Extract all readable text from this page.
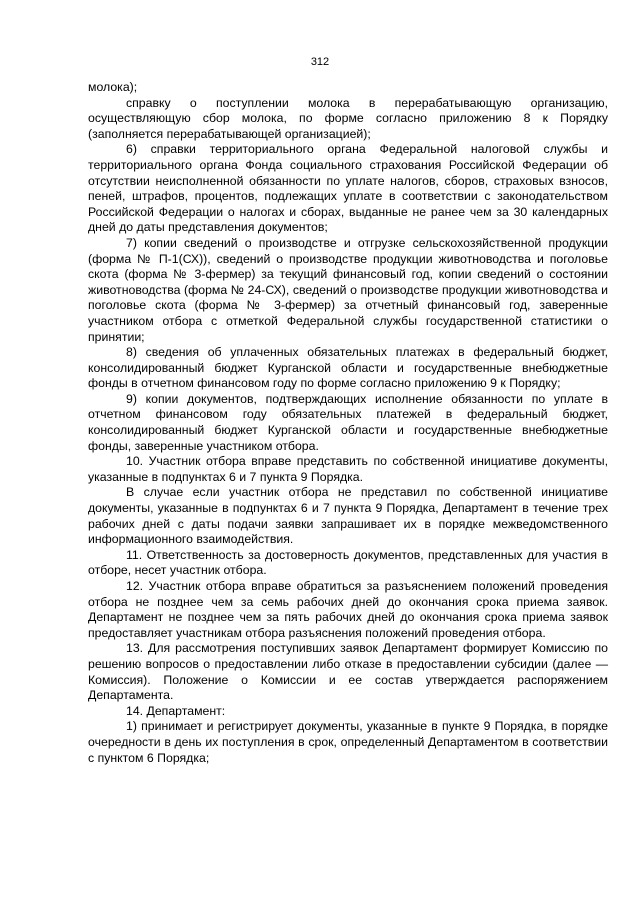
312

молока);

справку о поступлении молока в перерабатывающую организацию, осуществляющую сбор молока, по форме согласно приложению 8 к Порядку (заполняется перерабатывающей организацией);

6) справки территориального органа Федеральной налоговой службы и территориального органа Фонда социального страхования Российской Федерации об отсутствии неисполненной обязанности по уплате налогов, сборов, страховых взносов, пеней, штрафов, процентов, подлежащих уплате в соответствии с законодательством Российской Федерации о налогах и сборах, выданные не ранее чем за 30 календарных дней до даты представления документов;

7) копии сведений о производстве и отгрузке сельскохозяйственной продукции (форма № П-1(СХ)), сведений о производстве продукции животноводства и поголовье скота (форма № 3-фермер) за текущий финансовый год, копии сведений о состоянии животноводства (форма № 24-СХ), сведений о производстве продукции животноводства и поголовье скота (форма № 3-фермер) за отчетный финансовый год, заверенные участником отбора с отметкой Федеральной службы государственной статистики о принятии;

8) сведения об уплаченных обязательных платежах в федеральный бюджет, консолидированный бюджет Курганской области и государственные внебюджетные фонды в отчетном финансовом году по форме согласно приложению 9 к Порядку;

9) копии документов, подтверждающих исполнение обязанности по уплате в отчетном финансовом году обязательных платежей в федеральный бюджет, консолидированный бюджет Курганской области и государственные внебюджетные фонды, заверенные участником отбора.

10. Участник отбора вправе представить по собственной инициативе документы, указанные в подпунктах 6 и 7 пункта 9 Порядка.

В случае если участник отбора не представил по собственной инициативе документы, указанные в подпунктах 6 и 7 пункта 9 Порядка, Департамент в течение трех рабочих дней с даты подачи заявки запрашивает их в порядке межведомственного информационного взаимодействия.

11. Ответственность за достоверность документов, представленных для участия в отборе, несет участник отбора.

12. Участник отбора вправе обратиться за разъяснением положений проведения отбора не позднее чем за семь рабочих дней до окончания срока приема заявок. Департамент не позднее чем за пять рабочих дней до окончания срока приема заявок предоставляет участникам отбора разъяснения положений проведения отбора.

13. Для рассмотрения поступивших заявок Департамент формирует Комиссию по решению вопросов о предоставлении либо отказе в предоставлении субсидии (далее — Комиссия). Положение о Комиссии и ее состав утверждается распоряжением Департамента.

14. Департамент:

1) принимает и регистрирует документы, указанные в пункте 9 Порядка, в порядке очередности в день их поступления в срок, определенный Департаментом в соответствии с пунктом 6 Порядка;
